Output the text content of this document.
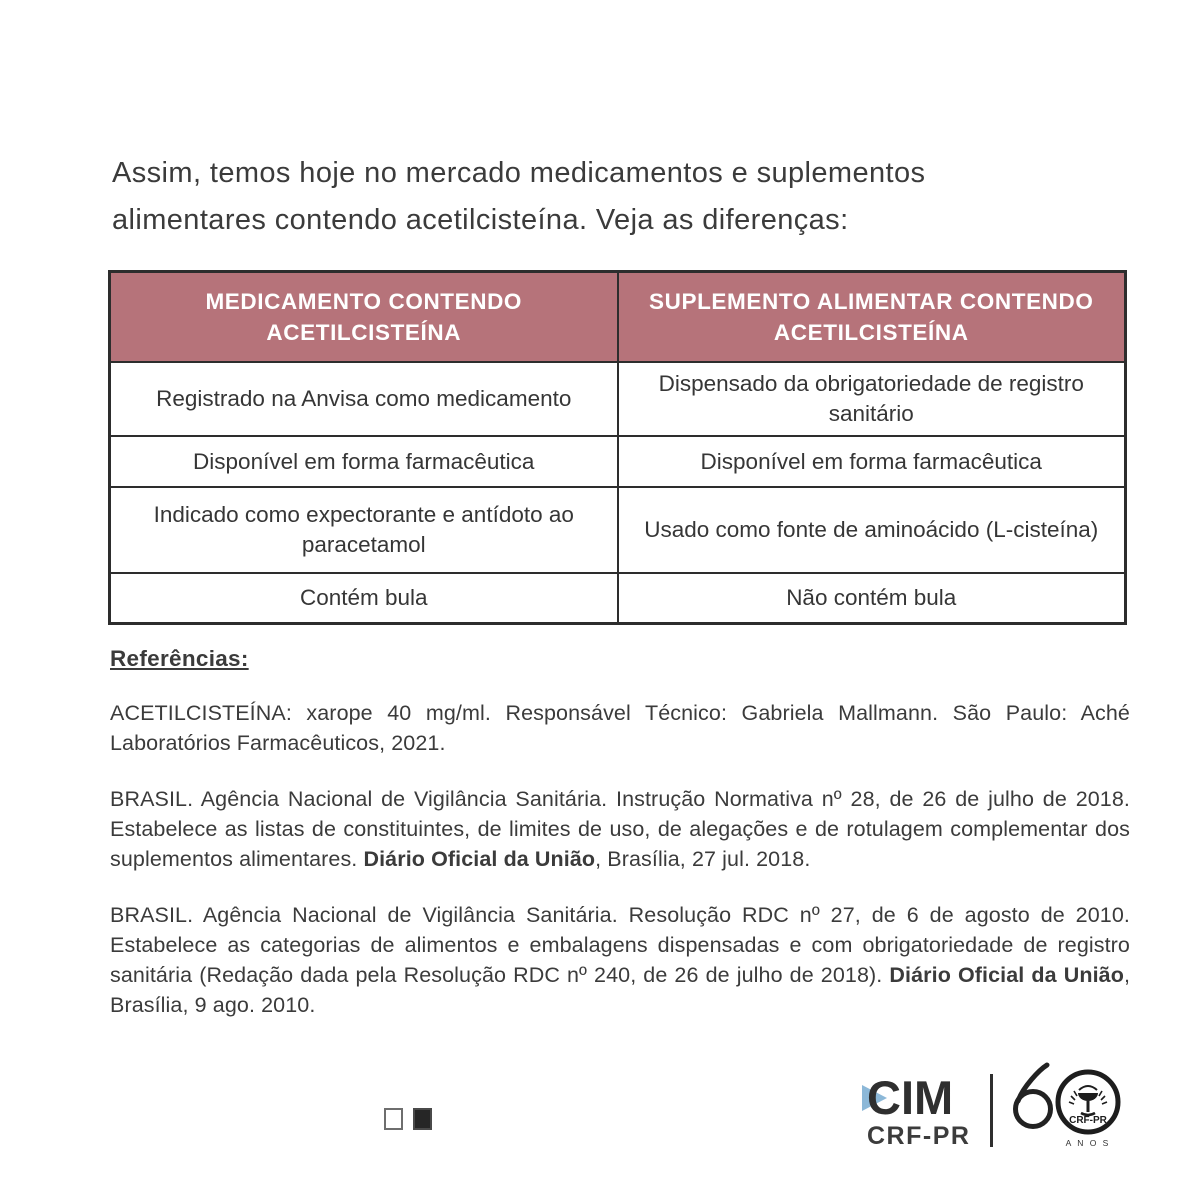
Assim, temos hoje no mercado medicamentos e suplementos
alimentares contendo acetilcisteína. Veja as diferenças:
MEDICAMENTO CONTENDO ACETILCISTEÍNA	SUPLEMENTO ALIMENTAR CONTENDO ACETILCISTEÍNA
Registrado na Anvisa como medicamento	Dispensado da obrigatoriedade de registro sanitário
Disponível em forma farmacêutica	Disponível em forma farmacêutica
Indicado como expectorante e antídoto ao paracetamol	Usado como fonte de aminoácido (L-cisteína)
Contém bula	Não contém bula

Referências:

ACETILCISTEÍNA: xarope 40 mg/ml. Responsável Técnico: Gabriela Mallmann. São Paulo: Aché Laboratórios Farmacêuticos, 2021.

BRASIL. Agência Nacional de Vigilância Sanitária. Instrução Normativa nº 28, de 26 de julho de 2018. Estabelece as listas de constituintes, de limites de uso, de alegações e de rotulagem complementar dos suplementos alimentares. Diário Oficial da União, Brasília, 27 jul. 2018.

BRASIL. Agência Nacional de Vigilância Sanitária. Resolução RDC nº 27, de 6 de agosto de 2010. Estabelece as categorias de alimentos e embalagens dispensadas e com obrigatoriedade de registro sanitária (Redação dada pela Resolução RDC nº 240, de 26 de julho de 2018). Diário Oficial da União, Brasília, 9 ago. 2010.

CIM
CRF-PR
CRF-PR
A N O S
